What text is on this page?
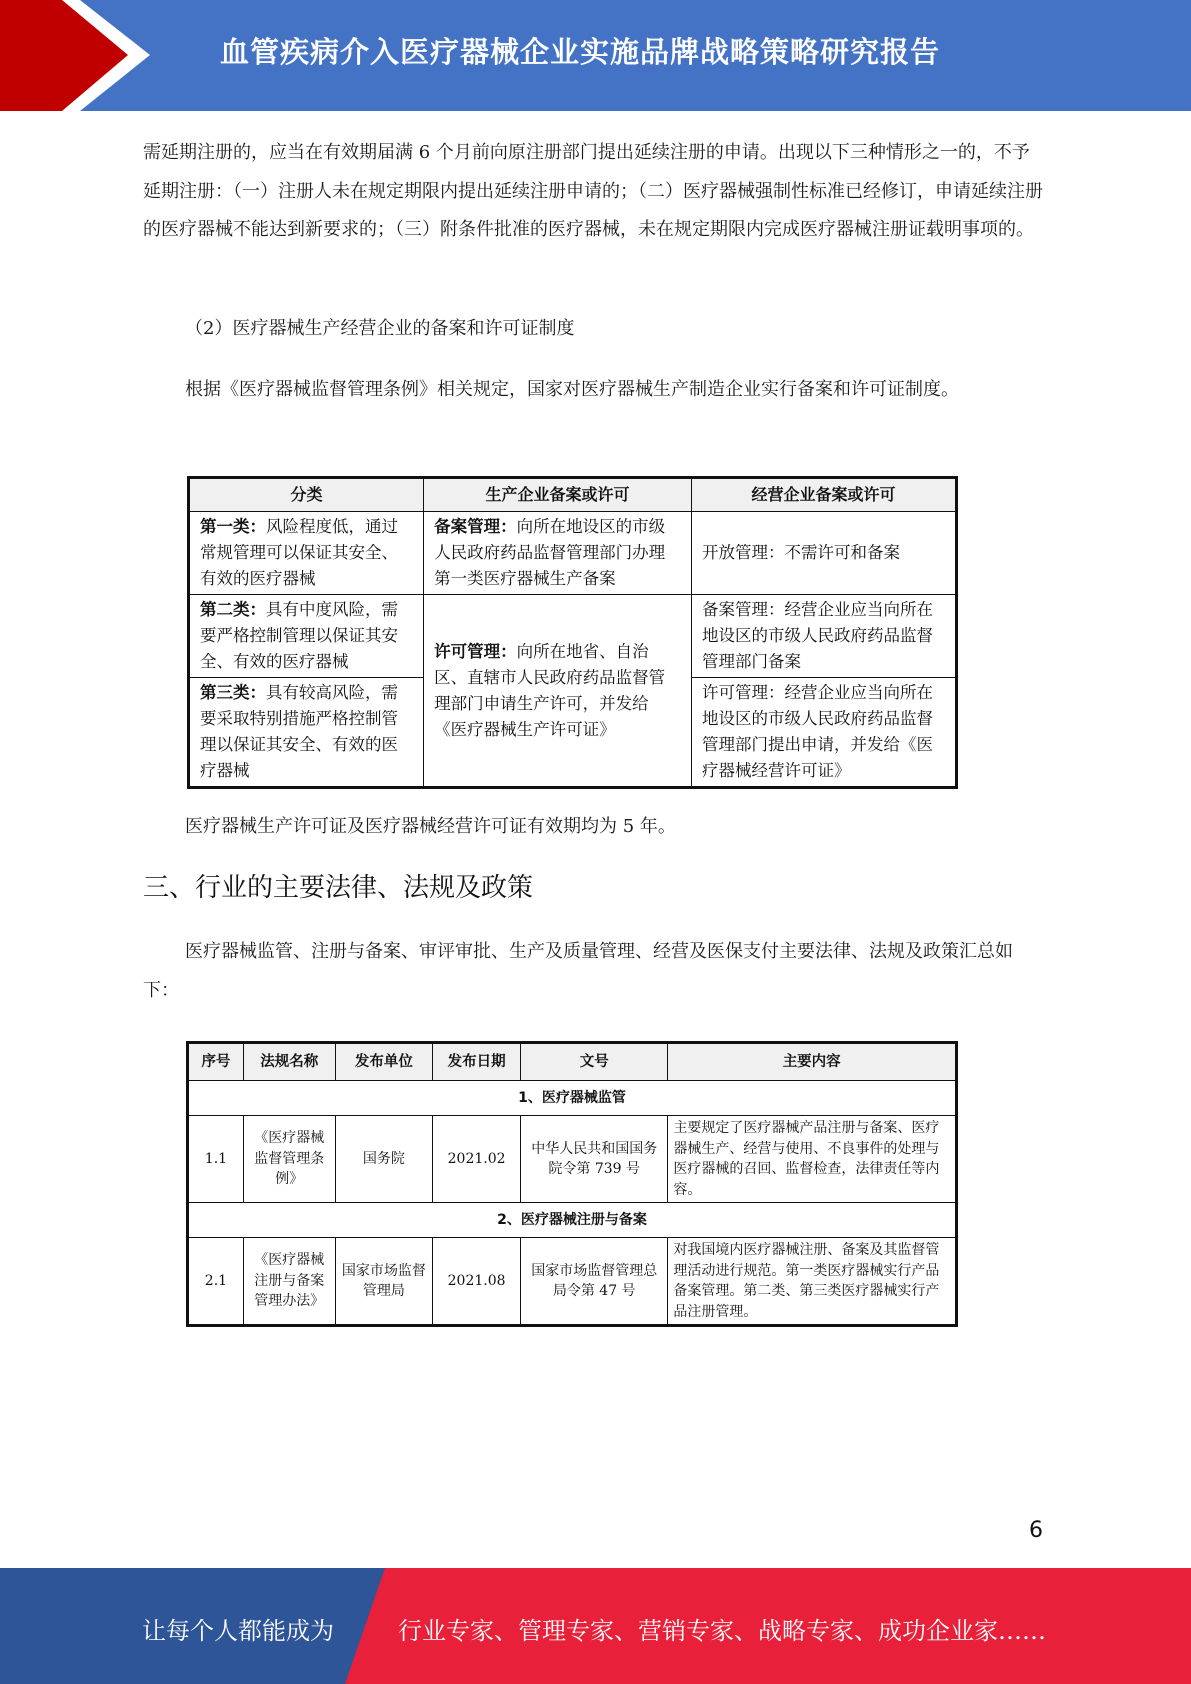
血管疾病介入医疗器械企业实施品牌战略策略研究报告
需延期注册的，应当在有效期届满 6 个月前向原注册部门提出延续注册的申请。出现以下三种情形之一的，不予延期注册：（一）注册人未在规定期限内提出延续注册申请的；（二）医疗器械强制性标准已经修订，申请延续注册的医疗器械不能达到新要求的；（三）附条件批准的医疗器械，未在规定期限内完成医疗器械注册证载明事项的。
（2）医疗器械生产经营企业的备案和许可证制度
根据《医疗器械监督管理条例》相关规定，国家对医疗器械生产制造企业实行备案和许可证制度。
分类	生产企业备案或许可	经营企业备案或许可
第一类：风险程度低，通过常规管理可以保证其安全、有效的医疗器械	备案管理：向所在地设区的市级人民政府药品监督管理部门办理第一类医疗器械生产备案	开放管理：不需许可和备案
第二类：具有中度风险，需要严格控制管理以保证其安全、有效的医疗器械	许可管理：向所在地省、自治区、直辖市人民政府药品监督管理部门申请生产许可，并发给《医疗器械生产许可证》	备案管理：经营企业应当向所在地设区的市级人民政府药品监督管理部门备案
第三类：具有较高风险，需要采取特别措施严格控制管理以保证其安全、有效的医疗器械		许可管理：经营企业应当向所在地设区的市级人民政府药品监督管理部门提出申请，并发给《医疗器械经营许可证》
医疗器械生产许可证及医疗器械经营许可证有效期均为 5 年。
三、行业的主要法律、法规及政策
医疗器械监管、注册与备案、审评审批、生产及质量管理、经营及医保支付主要法律、法规及政策汇总如下：
序号	法规名称	发布单位	发布日期	文号	主要内容
1、医疗器械监管					
1.1	《医疗器械监督管理条例》	国务院	2021.02	中华人民共和国国务院令第 739 号	主要规定了医疗器械产品注册与备案、医疗器械生产、经营与使用、不良事件的处理与医疗器械的召回、监督检查，法律责任等内容。
2、医疗器械注册与备案					
2.1	《医疗器械注册与备案管理办法》	国家市场监督管理局	2021.08	国家市场监督管理总局令第 47 号	对我国境内医疗器械注册、备案及其监督管理活动进行规范。第一类医疗器械实行产品备案管理。第二类、第三类医疗器械实行产品注册管理。
6
让每个人都能成为	行业专家、管理专家、营销专家、战略专家、成功企业家……
